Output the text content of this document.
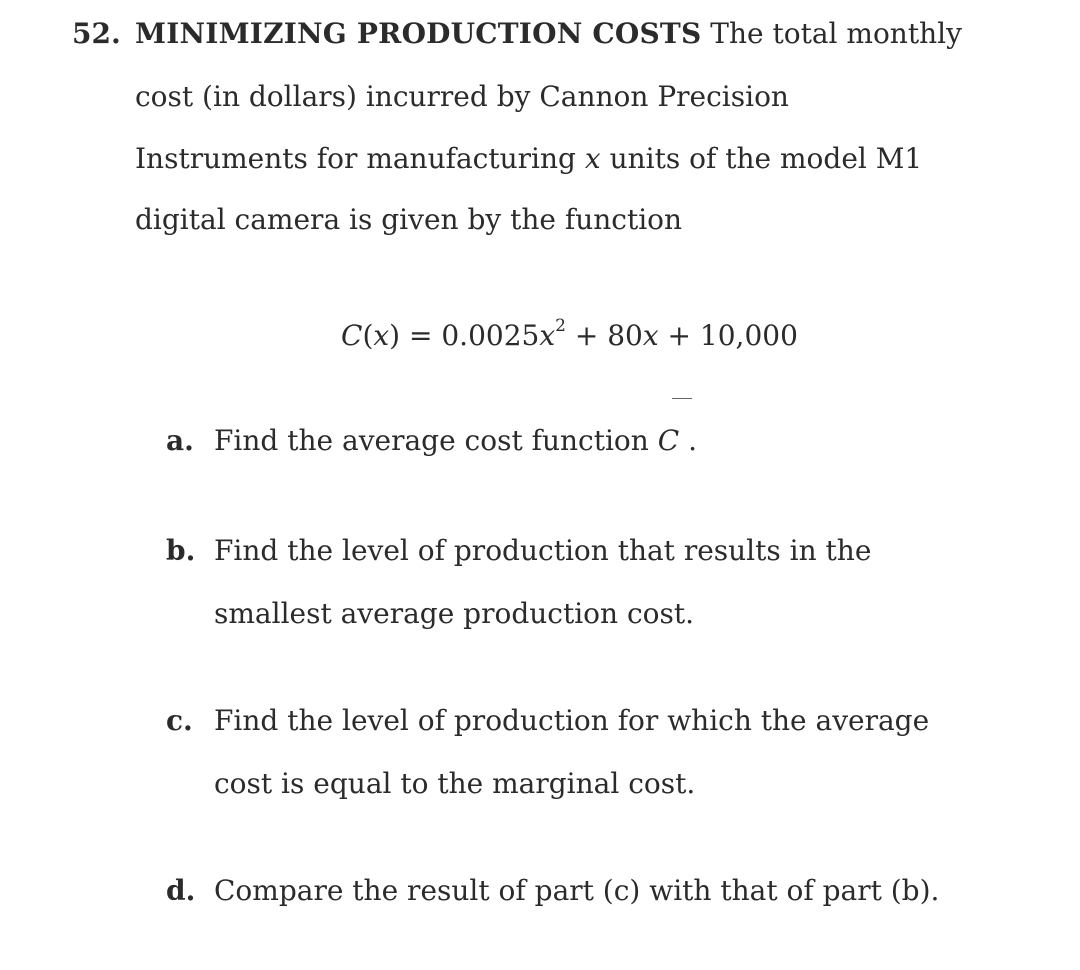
52. MINIMIZING PRODUCTION COSTS The total monthly
cost (in dollars) incurred by Cannon Precision
Instruments for manufacturing x units of the model M1
digital camera is given by the function
$C(x) = 0.0025x^2 + 80x + 10,000$
a. Find the average cost function C .
b. Find the level of production that results in the
smallest average production cost.
c. Find the level of production for which the average
cost is equal to the marginal cost.
d. Compare the result of part (c) with that of part (b).
